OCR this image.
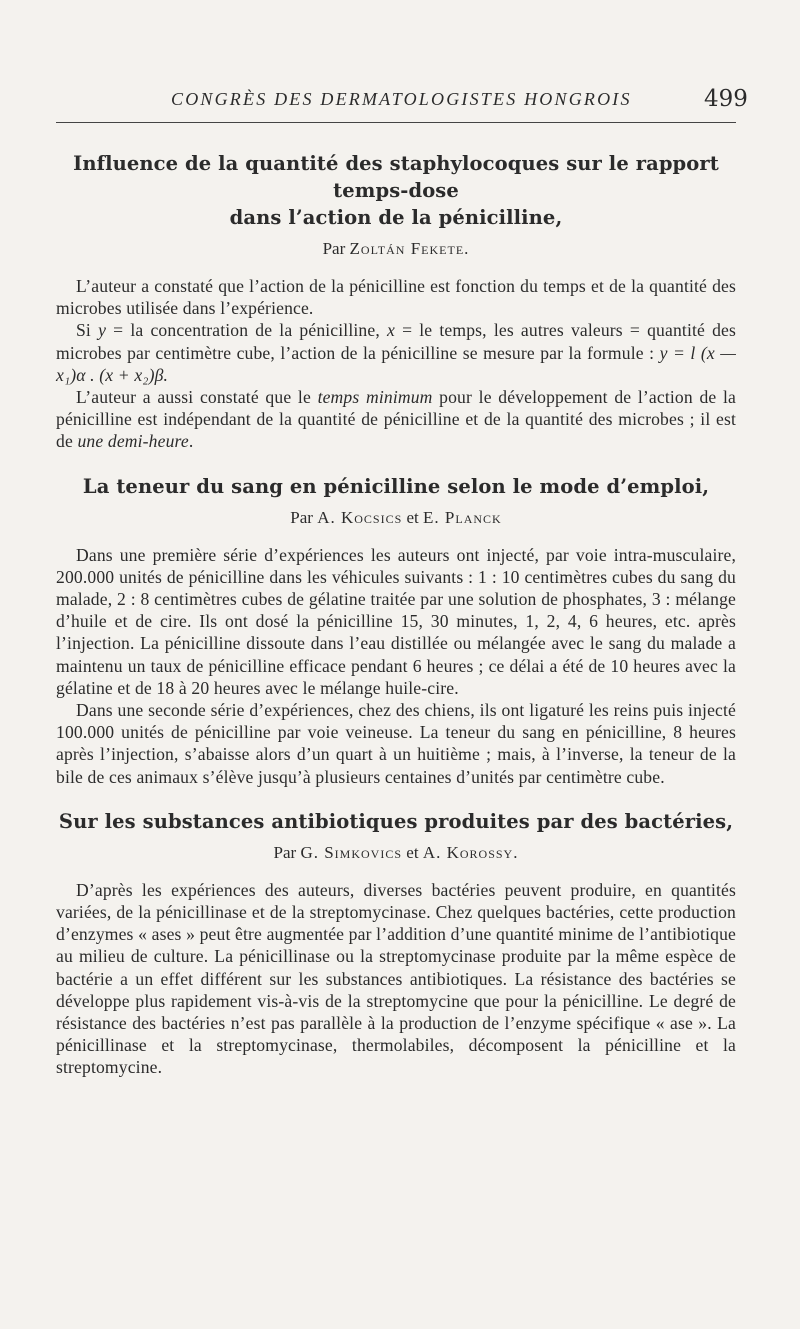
CONGRÈS DES DERMATOLOGISTES HONGROIS	499

Influence de la quantité des staphylocoques sur le rapport temps-dose
dans l’action de la pénicilline,

Par Zoltán Fekete.

L’auteur a constaté que l’action de la pénicilline est fonction du temps et de la quantité des microbes utilisée dans l’expérience.

Si y = la concentration de la pénicilline, x = le temps, les autres valeurs = quantité des microbes par centimètre cube, l’action de la pénicilline se mesure par la formule : y = l (x — x₁)α . (x + x₂)β.

L’auteur a aussi constaté que le temps minimum pour le développement de l’action de la pénicilline est indépendant de la quantité de pénicilline et de la quantité des microbes ; il est de une demi-heure.

La teneur du sang en pénicilline selon le mode d’emploi,

Par A. Kocsics et E. Planck

Dans une première série d’expériences les auteurs ont injecté, par voie intra-musculaire, 200.000 unités de pénicilline dans les véhicules suivants : 1 : 10 centimètres cubes du sang du malade, 2 : 8 centimètres cubes de gélatine traitée par une solution de phosphates, 3 : mélange d’huile et de cire. Ils ont dosé la pénicilline 15, 30 minutes, 1, 2, 4, 6 heures, etc. après l’injection. La pénicilline dissoute dans l’eau distillée ou mélangée avec le sang du malade a maintenu un taux de pénicilline efficace pendant 6 heures ; ce délai a été de 10 heures avec la gélatine et de 18 à 20 heures avec le mélange huile-cire.

Dans une seconde série d’expériences, chez des chiens, ils ont ligaturé les reins puis injecté 100.000 unités de pénicilline par voie veineuse. La teneur du sang en pénicilline, 8 heures après l’injection, s’abaisse alors d’un quart à un huitième ; mais, à l’inverse, la teneur de la bile de ces animaux s’élève jusqu’à plusieurs centaines d’unités par centimètre cube.

Sur les substances antibiotiques produites par des bactéries,

Par G. Simkovics et A. Korossy.

D’après les expériences des auteurs, diverses bactéries peuvent produire, en quantités variées, de la pénicillinase et de la streptomycinase. Chez quelques bactéries, cette production d’enzymes « ases » peut être augmentée par l’addition d’une quantité minime de l’antibiotique au milieu de culture. La pénicillinase ou la streptomycinase produite par la même espèce de bactérie a un effet différent sur les substances antibiotiques. La résistance des bactéries se développe plus rapidement vis-à-vis de la streptomycine que pour la pénicilline. Le degré de résistance des bactéries n’est pas parallèle à la production de l’enzyme spécifique « ase ». La pénicillinase et la streptomycinase, thermolabiles, décomposent la pénicilline et la streptomycine.
